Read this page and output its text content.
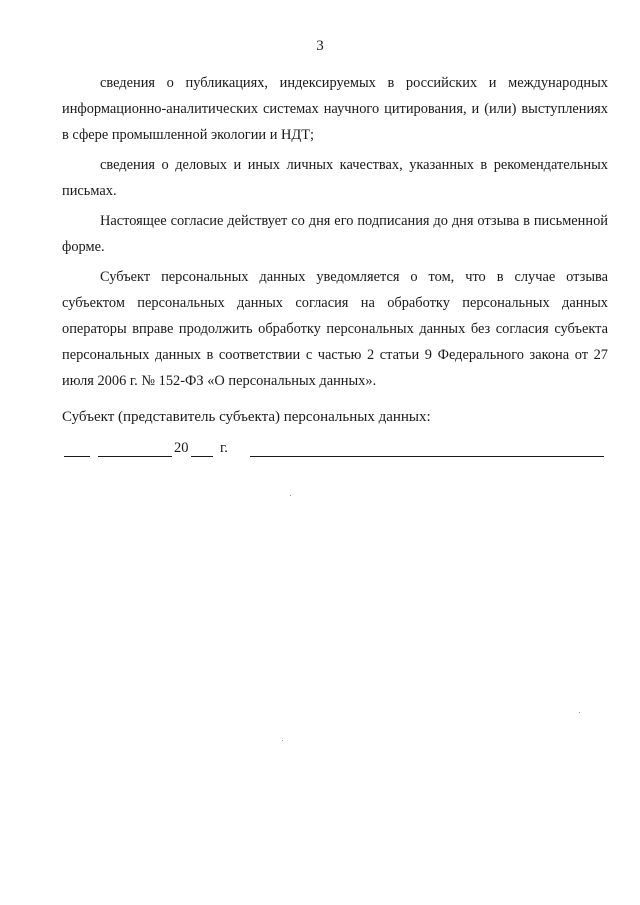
3

сведения о публикациях, индексируемых в российских и международных информационно-аналитических системах научного цитирования, и (или) выступлениях в сфере промышленной экологии и НДТ;

сведения о деловых и иных личных качествах, указанных в рекомендательных письмах.

Настоящее согласие действует со дня его подписания до дня отзыва в письменной форме.

Субъект персональных данных уведомляется о том, что в случае отзыва субъектом персональных данных согласия на обработку персональных данных операторы вправе продолжить обработку персональных данных без согласия субъекта персональных данных в соответствии с частью 2 статьи 9 Федерального закона от 27 июля 2006 г. № 152-ФЗ «О персональных данных».

Субъект (представитель субъекта) персональных данных:
20 г.
